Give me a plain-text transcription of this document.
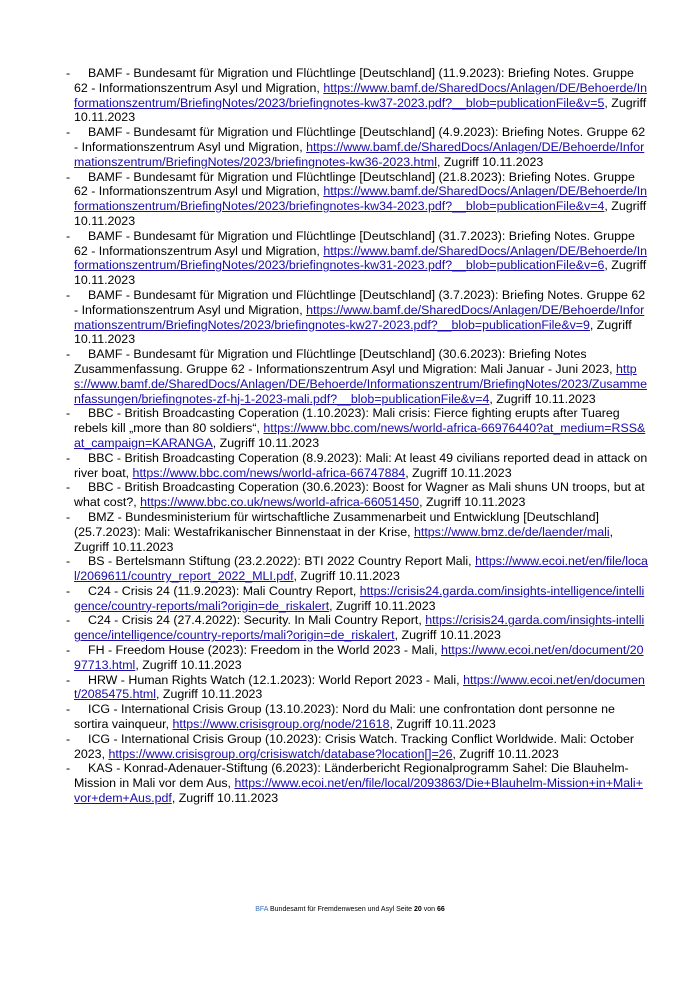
- BAMF - Bundesamt für Migration und Flüchtlinge [Deutschland] (11.9.2023): Briefing Notes. Gruppe 62 - Informationszentrum Asyl und Migration, https://www.bamf.de/SharedDocs/Anlagen/DE/Behoerde/Informationszentrum/BriefingNotes/2023/briefingnotes-kw37-2023.pdf?__blob=publicationFile&v=5, Zugriff 10.11.2023
- BAMF - Bundesamt für Migration und Flüchtlinge [Deutschland] (4.9.2023): Briefing Notes. Gruppe 62 - Informationszentrum Asyl und Migration, https://www.bamf.de/SharedDocs/Anlagen/DE/Behoerde/Informationszentrum/BriefingNotes/2023/briefingnotes-kw36-2023.html, Zugriff 10.11.2023
- BAMF - Bundesamt für Migration und Flüchtlinge [Deutschland] (21.8.2023): Briefing Notes. Gruppe 62 - Informationszentrum Asyl und Migration, https://www.bamf.de/SharedDocs/Anlagen/DE/Behoerde/Informationszentrum/BriefingNotes/2023/briefingnotes-kw34-2023.pdf?__blob=publicationFile&v=4, Zugriff 10.11.2023
- BAMF - Bundesamt für Migration und Flüchtlinge [Deutschland] (31.7.2023): Briefing Notes. Gruppe 62 - Informationszentrum Asyl und Migration, https://www.bamf.de/SharedDocs/Anlagen/DE/Behoerde/Informationszentrum/BriefingNotes/2023/briefingnotes-kw31-2023.pdf?__blob=publicationFile&v=6, Zugriff 10.11.2023
- BAMF - Bundesamt für Migration und Flüchtlinge [Deutschland] (3.7.2023): Briefing Notes. Gruppe 62 - Informationszentrum Asyl und Migration, https://www.bamf.de/SharedDocs/Anlagen/DE/Behoerde/Informationszentrum/BriefingNotes/2023/briefingnotes-kw27-2023.pdf?__blob=publicationFile&v=9, Zugriff 10.11.2023
- BAMF - Bundesamt für Migration und Flüchtlinge [Deutschland] (30.6.2023): Briefing Notes Zusammenfassung. Gruppe 62 - Informationszentrum Asyl und Migration: Mali Januar - Juni 2023, https://www.bamf.de/SharedDocs/Anlagen/DE/Behoerde/Informationszentrum/BriefingNotes/2023/Zusammenfassungen/briefingnotes-zf-hj-1-2023-mali.pdf?__blob=publicationFile&v=4, Zugriff 10.11.2023
- BBC - British Broadcasting Coperation (1.10.2023): Mali crisis: Fierce fighting erupts after Tuareg rebels kill „more than 80 soldiers“, https://www.bbc.com/news/world-africa-66976440?at_medium=RSS&at_campaign=KARANGA, Zugriff 10.11.2023
- BBC - British Broadcasting Coperation (8.9.2023): Mali: At least 49 civilians reported dead in attack on river boat, https://www.bbc.com/news/world-africa-66747884, Zugriff 10.11.2023
- BBC - British Broadcasting Coperation (30.6.2023): Boost for Wagner as Mali shuns UN troops, but at what cost?, https://www.bbc.co.uk/news/world-africa-66051450, Zugriff 10.11.2023
- BMZ - Bundesministerium für wirtschaftliche Zusammenarbeit und Entwicklung [Deutschland] (25.7.2023): Mali: Westafrikanischer Binnenstaat in der Krise, https://www.bmz.de/de/laender/mali, Zugriff 10.11.2023
- BS - Bertelsmann Stiftung (23.2.2022): BTI 2022 Country Report Mali, https://www.ecoi.net/en/file/local/2069611/country_report_2022_MLI.pdf, Zugriff 10.11.2023
- C24 - Crisis 24 (11.9.2023): Mali Country Report, https://crisis24.garda.com/insights-intelligence/intelligence/country-reports/mali?origin=de_riskalert, Zugriff 10.11.2023
- C24 - Crisis 24 (27.4.2022): Security. In Mali Country Report, https://crisis24.garda.com/insights-intelligence/intelligence/country-reports/mali?origin=de_riskalert, Zugriff 10.11.2023
- FH - Freedom House (2023): Freedom in the World 2023 - Mali, https://www.ecoi.net/en/document/2097713.html, Zugriff 10.11.2023
- HRW - Human Rights Watch (12.1.2023): World Report 2023 - Mali, https://www.ecoi.net/en/document/2085475.html, Zugriff 10.11.2023
- ICG - International Crisis Group (13.10.2023): Nord du Mali: une confrontation dont personne ne sortira vainqueur, https://www.crisisgroup.org/node/21618, Zugriff 10.11.2023
- ICG - International Crisis Group (10.2023): Crisis Watch. Tracking Conflict Worldwide. Mali: October 2023, https://www.crisisgroup.org/crisiswatch/database?location[]=26, Zugriff 10.11.2023
- KAS - Konrad-Adenauer-Stiftung (6.2023): Länderbericht Regionalprogramm Sahel: Die Blauhelm-Mission in Mali vor dem Aus, https://www.ecoi.net/en/file/local/2093863/Die+Blauhelm-Mission+in+Mali+vor+dem+Aus.pdf, Zugriff 10.11.2023
BFA Bundesamt für Fremdenwesen und Asyl Seite 20 von 66
